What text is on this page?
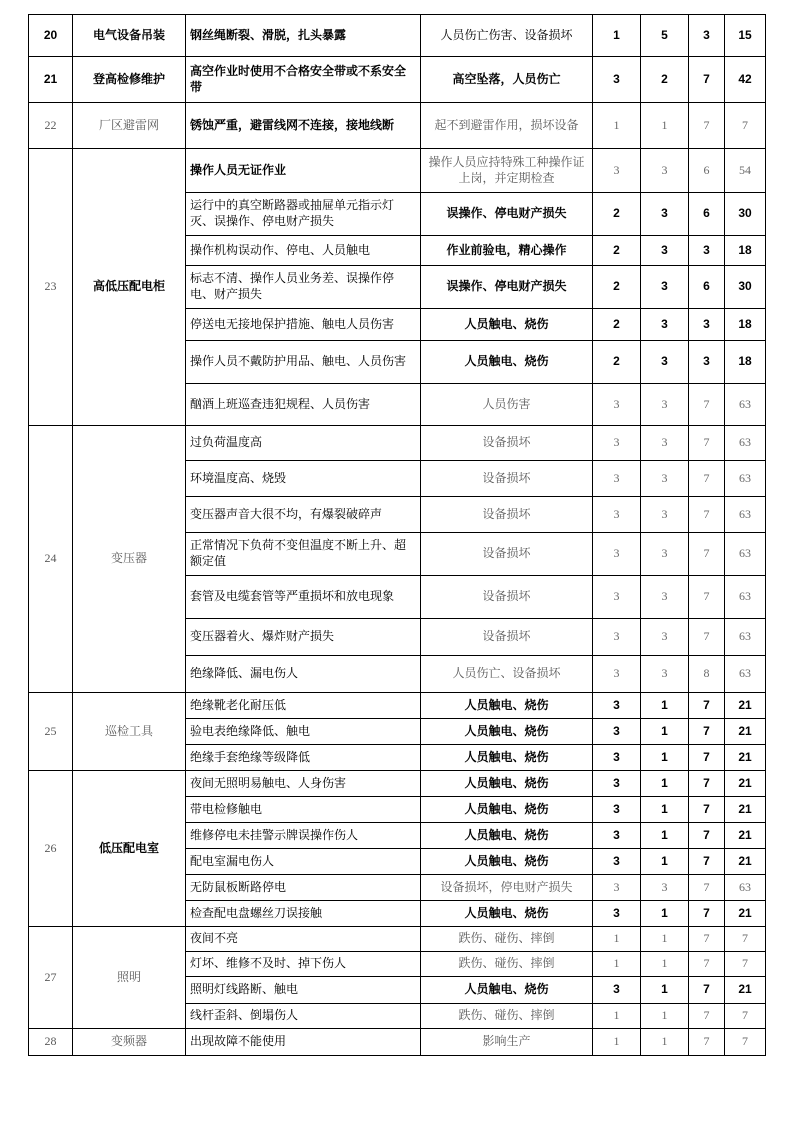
20	电气设备吊装	钢丝绳断裂、滑脱，扎头暴露	人员伤亡伤害、设备损坏	1	5	3	15
21	登高检修维护	高空作业时使用不合格安全带或不系安全带	高空坠落，人员伤亡	3	2	7	42
22	厂区避雷网	锈蚀严重，避雷线网不连接，接地线断	起不到避雷作用，损坏设备	1	1	7	7
23	高低压配电柜	操作人员无证作业	操作人员应持特殊工种操作证上岗，并定期检查	3	3	6	54
		运行中的真空断路器或抽屉单元指示灯灭、误操作、停电财产损失	误操作、停电财产损失	2	3	6	30
		操作机构误动作、停电、人员触电	作业前验电，精心操作	2	3	3	18
		标志不清、操作人员业务差、误操作停电、财产损失	误操作、停电财产损失	2	3	6	30
		停送电无接地保护措施、触电人员伤害	人员触电、烧伤	2	3	3	18
		操作人员不戴防护用品、触电、人员伤害	人员触电、烧伤	2	3	3	18
		酗酒上班巡查违犯规程、人员伤害	人员伤害	3	3	7	63
24	变压器	过负荷温度高	设备损坏	3	3	7	63
		环境温度高、烧毁	设备损坏	3	3	7	63
		变压器声音大很不均，有爆裂破碎声	设备损坏	3	3	7	63
		正常情况下负荷不变但温度不断上升、超额定值	设备损坏	3	3	7	63
		套管及电缆套管等严重损坏和放电现象	设备损坏	3	3	7	63
		变压器着火、爆炸财产损失	设备损坏	3	3	7	63
		绝缘降低、漏电伤人	人员伤亡、设备损坏	3	3	8	63
25	巡检工具	绝缘靴老化耐压低	人员触电、烧伤	3	1	7	21
		验电表绝缘降低、触电	人员触电、烧伤	3	1	7	21
		绝缘手套绝缘等级降低	人员触电、烧伤	3	1	7	21
26	低压配电室	夜间无照明易触电、人身伤害	人员触电、烧伤	3	1	7	21
		带电检修触电	人员触电、烧伤	3	1	7	21
		维修停电未挂警示牌误操作伤人	人员触电、烧伤	3	1	7	21
		配电室漏电伤人	人员触电、烧伤	3	1	7	21
		无防鼠板断路停电	设备损坏，停电财产损失	3	3	7	63
		检查配电盘螺丝刀误接触	人员触电、烧伤	3	1	7	21
27	照明	夜间不亮	跌伤、碰伤、摔倒	1	1	7	7
		灯坏、维修不及时、掉下伤人	跌伤、碰伤、摔倒	1	1	7	7
		照明灯线路断、触电	人员触电、烧伤	3	1	7	21
		线杆歪斜、倒塌伤人	跌伤、碰伤、摔倒	1	1	7	7
28	变频器	出现故障不能使用	影响生产	1	1	7	7
